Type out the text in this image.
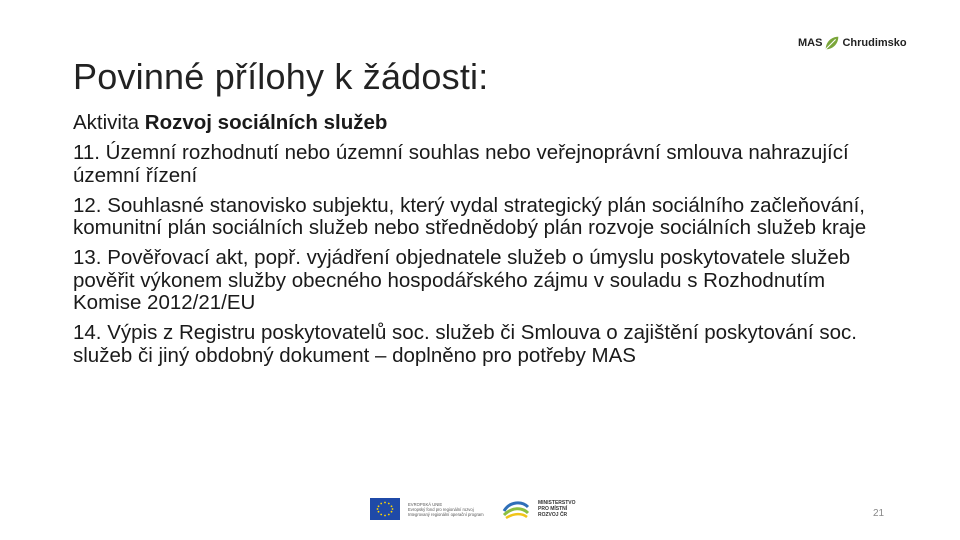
MAS Chrudimsko
Povinné přílohy k žádosti:

Aktivita Rozvoj sociálních služeb

11. Územní rozhodnutí nebo územní souhlas nebo veřejnoprávní smlouva nahrazující územní řízení

12. Souhlasné stanovisko subjektu, který vydal strategický plán sociálního začleňování, komunitní plán sociálních služeb nebo střednědobý plán rozvoje sociálních služeb kraje

13. Pověřovací akt, popř. vyjádření objednatele služeb o úmyslu poskytovatele služeb pověřit výkonem služby obecného hospodářského zájmu v souladu s Rozhodnutím Komise 2012/21/EU

14. Výpis z Registru poskytovatelů soc. služeb či Smlouva o zajištění poskytování soc. služeb či jiný obdobný dokument – doplněno pro potřeby MAS

EVROPSKÁ UNIE
Evropský fond pro regionální rozvoj
Integrovaný regionální operační program
MINISTERSTVO
PRO MÍSTNÍ
ROZVOJ ČR	21
